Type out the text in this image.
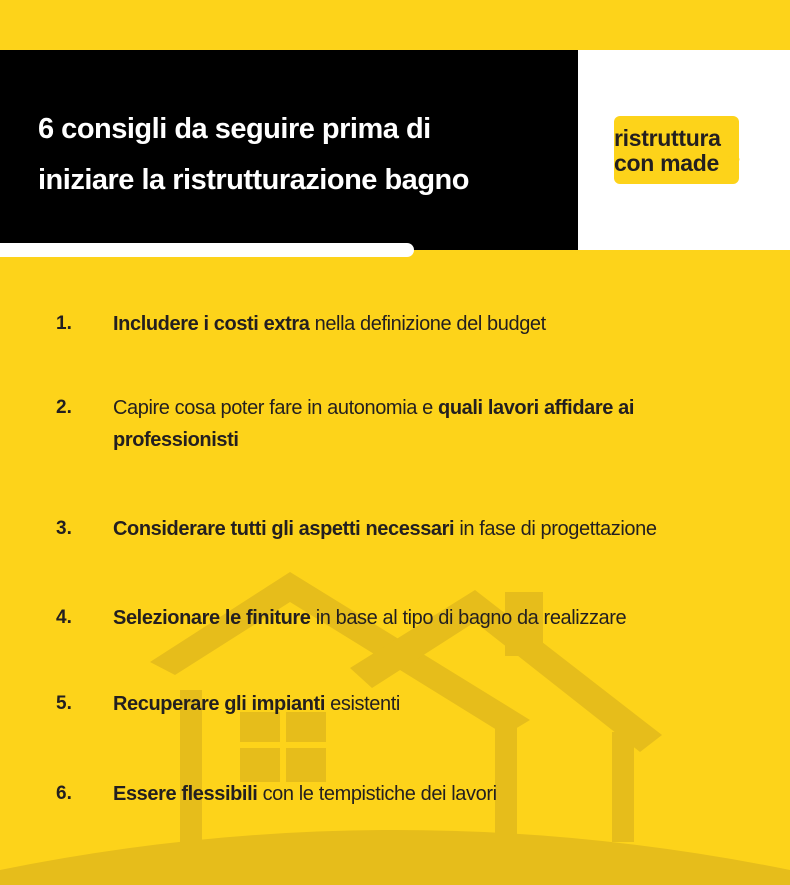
6 consigli da seguire prima di
iniziare la ristrutturazione bagno
ristruttura
con made.it
1. Includere i costi extra nella definizione del budget
2. Capire cosa poter fare in autonomia e quali lavori affidare ai professionisti
3. Considerare tutti gli aspetti necessari in fase di progettazione
4. Selezionare le finiture in base al tipo di bagno da realizzare
5. Recuperare gli impianti esistenti
6. Essere flessibili con le tempistiche dei lavori
